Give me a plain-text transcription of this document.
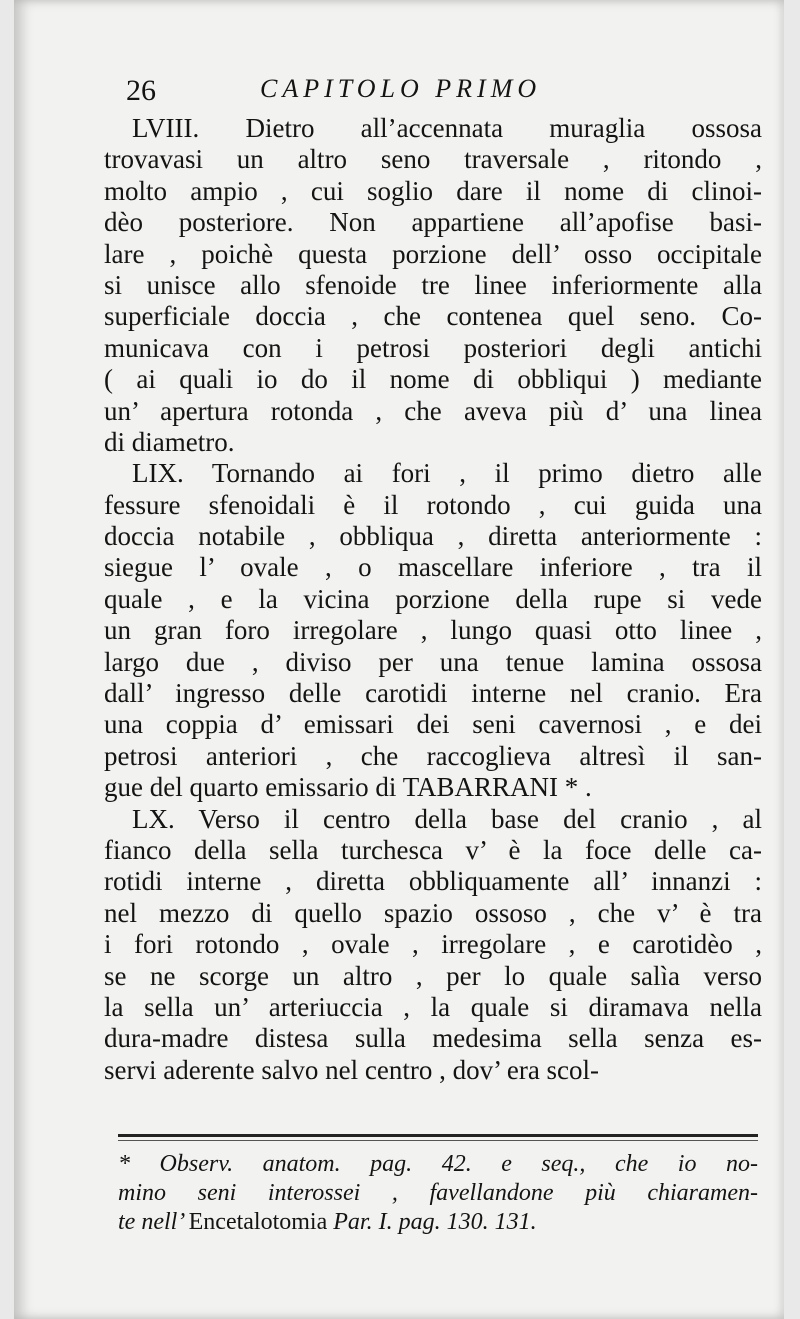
26	CAPITOLO PRIMO
LVIII. Dietro all’accennata muraglia ossosa
trovavasi un altro seno traversale , ritondo ,
molto ampio , cui soglio dare il nome di clinoi-
dèo posteriore. Non appartiene all’apofise basi-
lare , poichè questa porzione dell’ osso occipitale
si unisce allo sfenoide tre linee inferiormente alla
superficiale doccia , che contenea quel seno. Co-
municava con i petrosi posteriori degli antichi
( ai quali io do il nome di obbliqui ) mediante
un’ apertura rotonda , che aveva più d’ una linea
di diametro.
LIX. Tornando ai fori , il primo dietro alle
fessure sfenoidali è il rotondo , cui guida una
doccia notabile , obbliqua , diretta anteriormente :
siegue l’ ovale , o mascellare inferiore , tra il
quale , e la vicina porzione della rupe si vede
un gran foro irregolare , lungo quasi otto linee ,
largo due , diviso per una tenue lamina ossosa
dall’ ingresso delle carotidi interne nel cranio. Era
una coppia d’ emissari dei seni cavernosi , e dei
petrosi anteriori , che raccoglieva altresì il san-
gue del quarto emissario di TABARRANI * .
LX. Verso il centro della base del cranio , al
fianco della sella turchesca v’ è la foce delle ca-
rotidi interne , diretta obbliquamente all’ innanzi :
nel mezzo di quello spazio ossoso , che v’ è tra
i fori rotondo , ovale , irregolare , e carotidèo ,
se ne scorge un altro , per lo quale salìa verso
la sella un’ arteriuccia , la quale si diramava nella
dura-madre distesa sulla medesima sella senza es-
servi aderente salvo nel centro , dov’ era scol-
* Observ. anatom. pag. 42. e seq., che io no-
mino seni interossei , favellandone più chiaramen-
te nell’ Encetalotomia Par. I. pag. 130. 131.
